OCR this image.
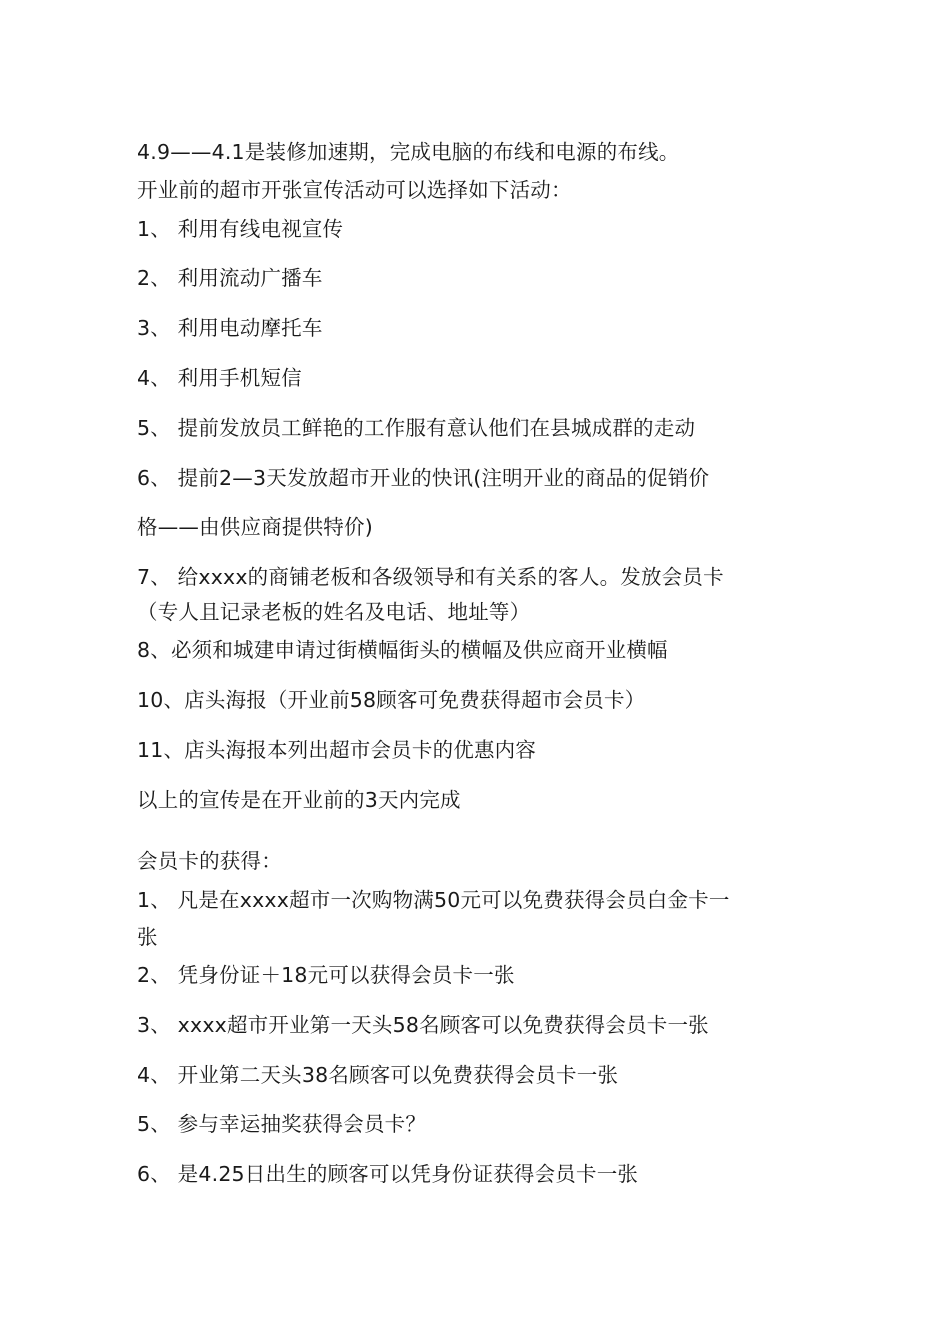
4.9——4.1是装修加速期，完成电脑的布线和电源的布线。
开业前的超市开张宣传活动可以选择如下活动：
1、 利用有线电视宣传
2、 利用流动广播车
3、 利用电动摩托车
4、 利用手机短信
5、 提前发放员工鲜艳的工作服有意认他们在县城成群的走动
6、 提前2—3天发放超市开业的快讯(注明开业的商品的促销价
格——由供应商提供特价)
7、 给xxxx的商铺老板和各级领导和有关系的客人。发放会员卡
（专人且记录老板的姓名及电话、地址等）
8、必须和城建申请过街横幅街头的横幅及供应商开业横幅
10、店头海报（开业前58顾客可免费获得超市会员卡）
11、店头海报本列出超市会员卡的优惠内容
以上的宣传是在开业前的3天内完成
会员卡的获得：
1、 凡是在xxxx超市一次购物满50元可以免费获得会员白金卡一
张
2、 凭身份证＋18元可以获得会员卡一张
3、 xxxx超市开业第一天头58名顾客可以免费获得会员卡一张
4、 开业第二天头38名顾客可以免费获得会员卡一张
5、 参与幸运抽奖获得会员卡？
6、 是4.25日出生的顾客可以凭身份证获得会员卡一张
